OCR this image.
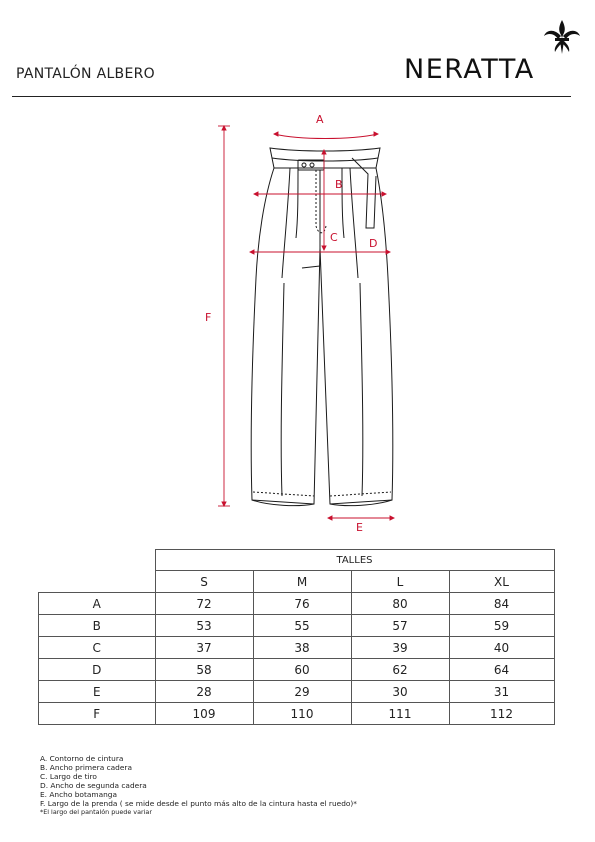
PANTALÓN ALBERO	NERATTA
A
B
C	D
E
F
	TALLES			
	S	M	L	XL
A	72	76	80	84
B	53	55	57	59
C	37	38	39	40
D	58	60	62	64
E	28	29	30	31
F	109	110	111	112
A. Contorno de cintura
B. Ancho primera cadera
C. Largo de tiro
D. Ancho de segunda cadera
E. Ancho botamanga
F. Largo de la prenda ( se mide desde el punto más alto de la cintura hasta el ruedo)*
*El largo del pantalón puede variar
